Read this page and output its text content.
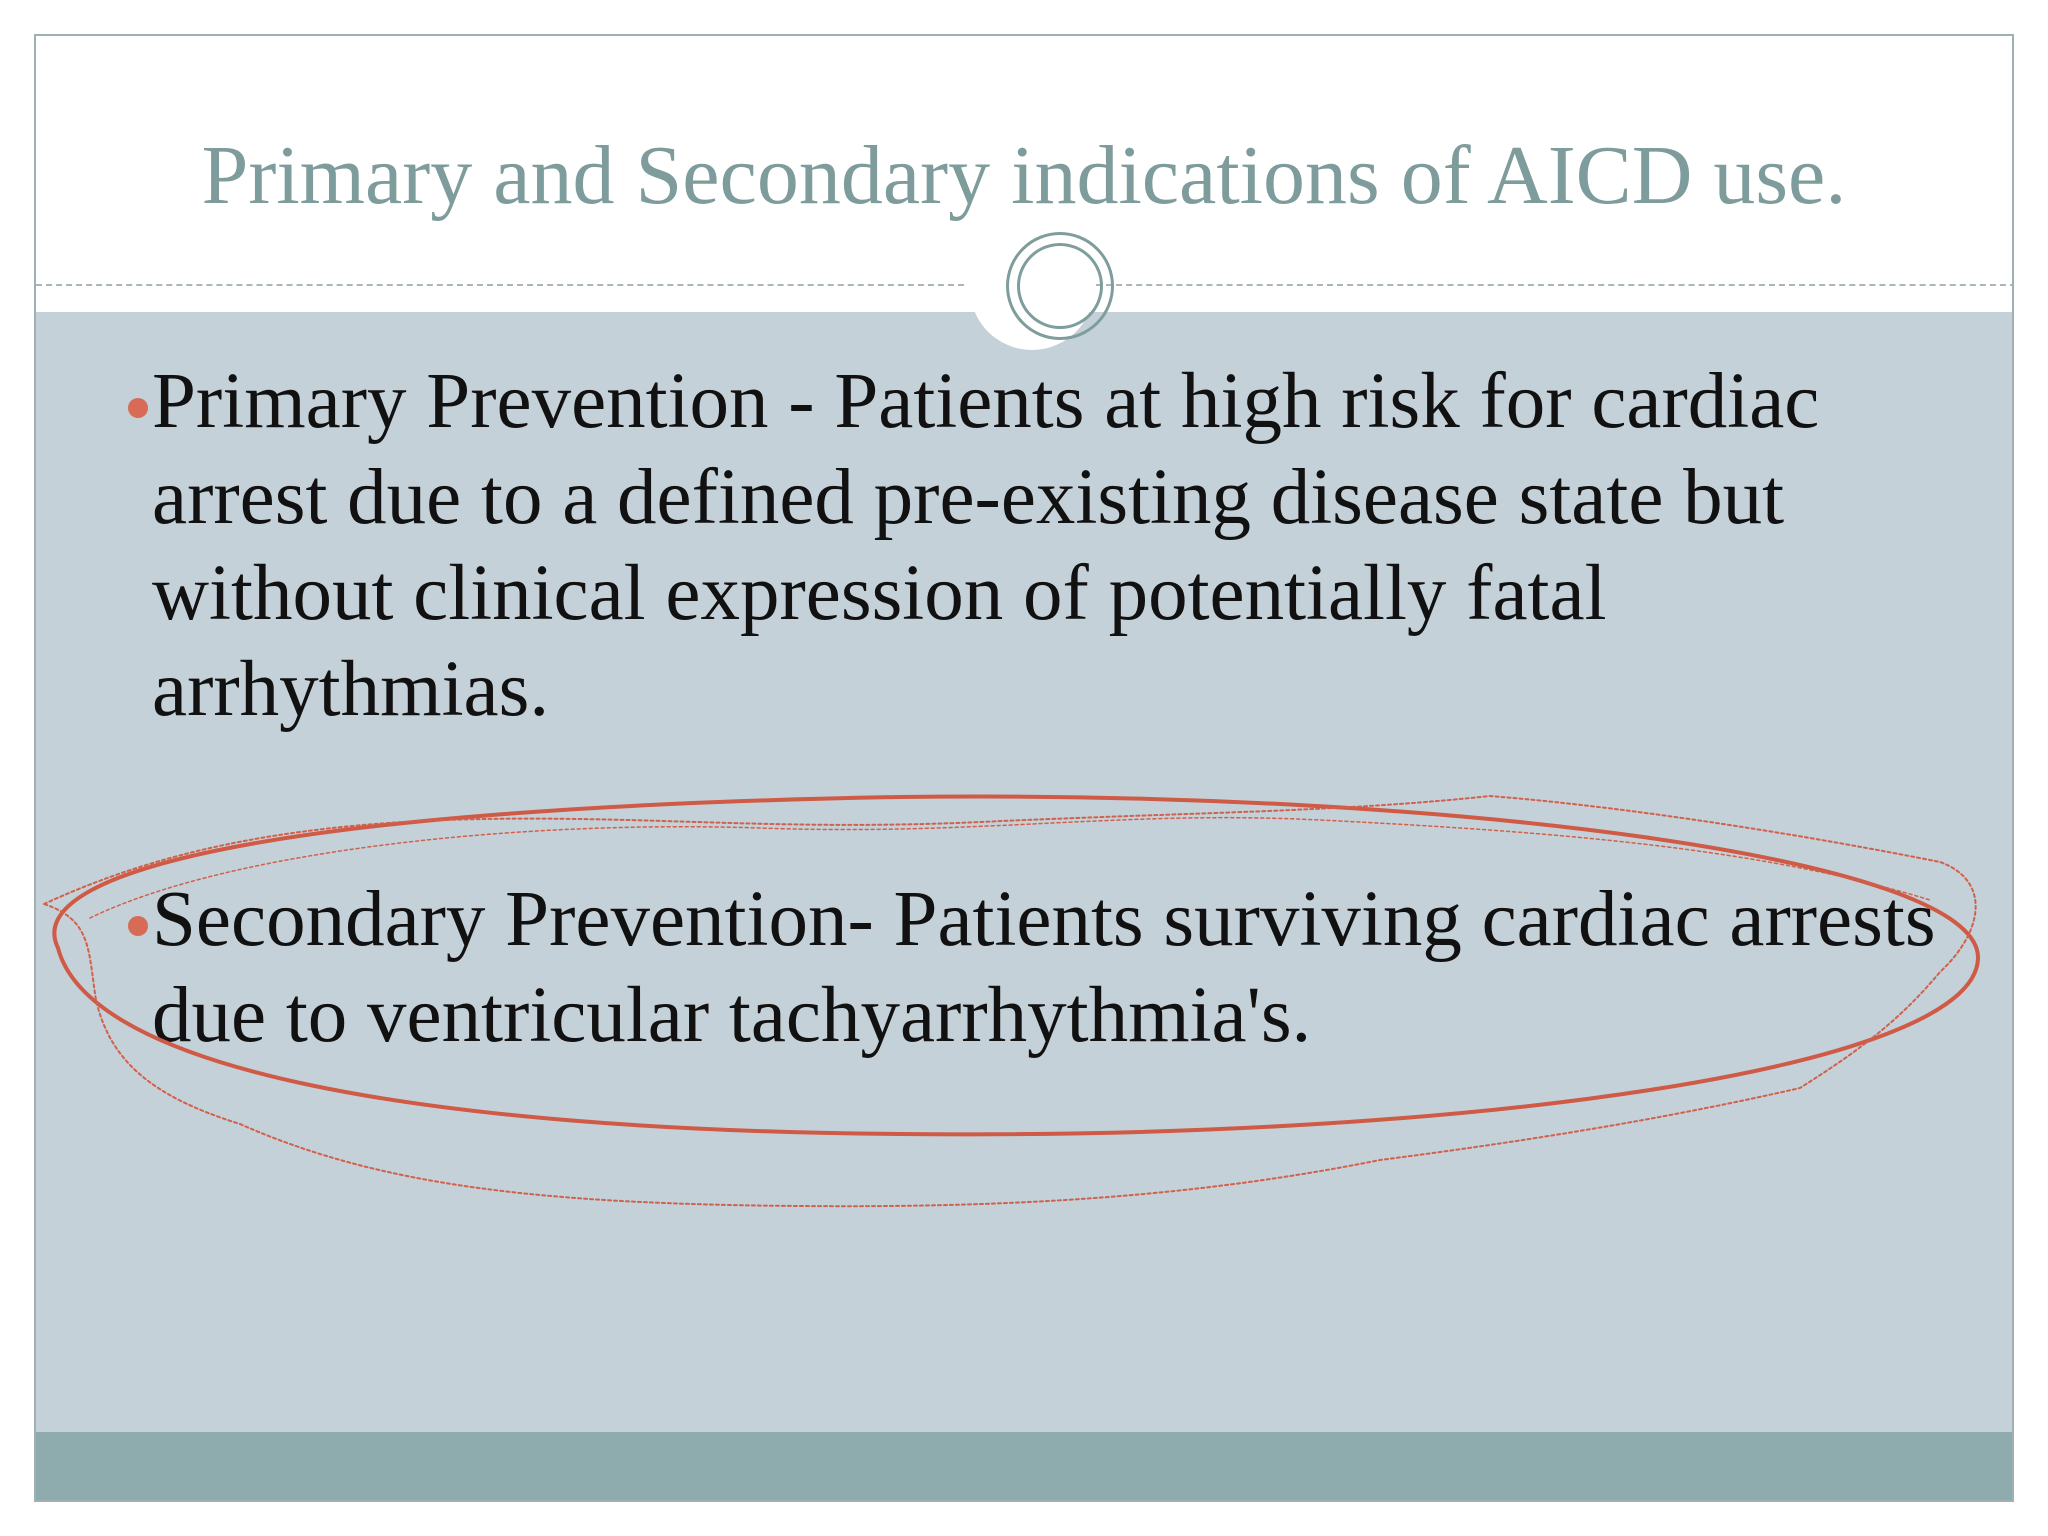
Primary and Secondary indications of AICD use.
Primary Prevention - Patients at high risk for cardiac arrest due to a defined pre-existing disease state but without clinical expression of potentially fatal arrhythmias.
Secondary Prevention- Patients surviving cardiac arrests due to ventricular tachyarrhythmia's.
